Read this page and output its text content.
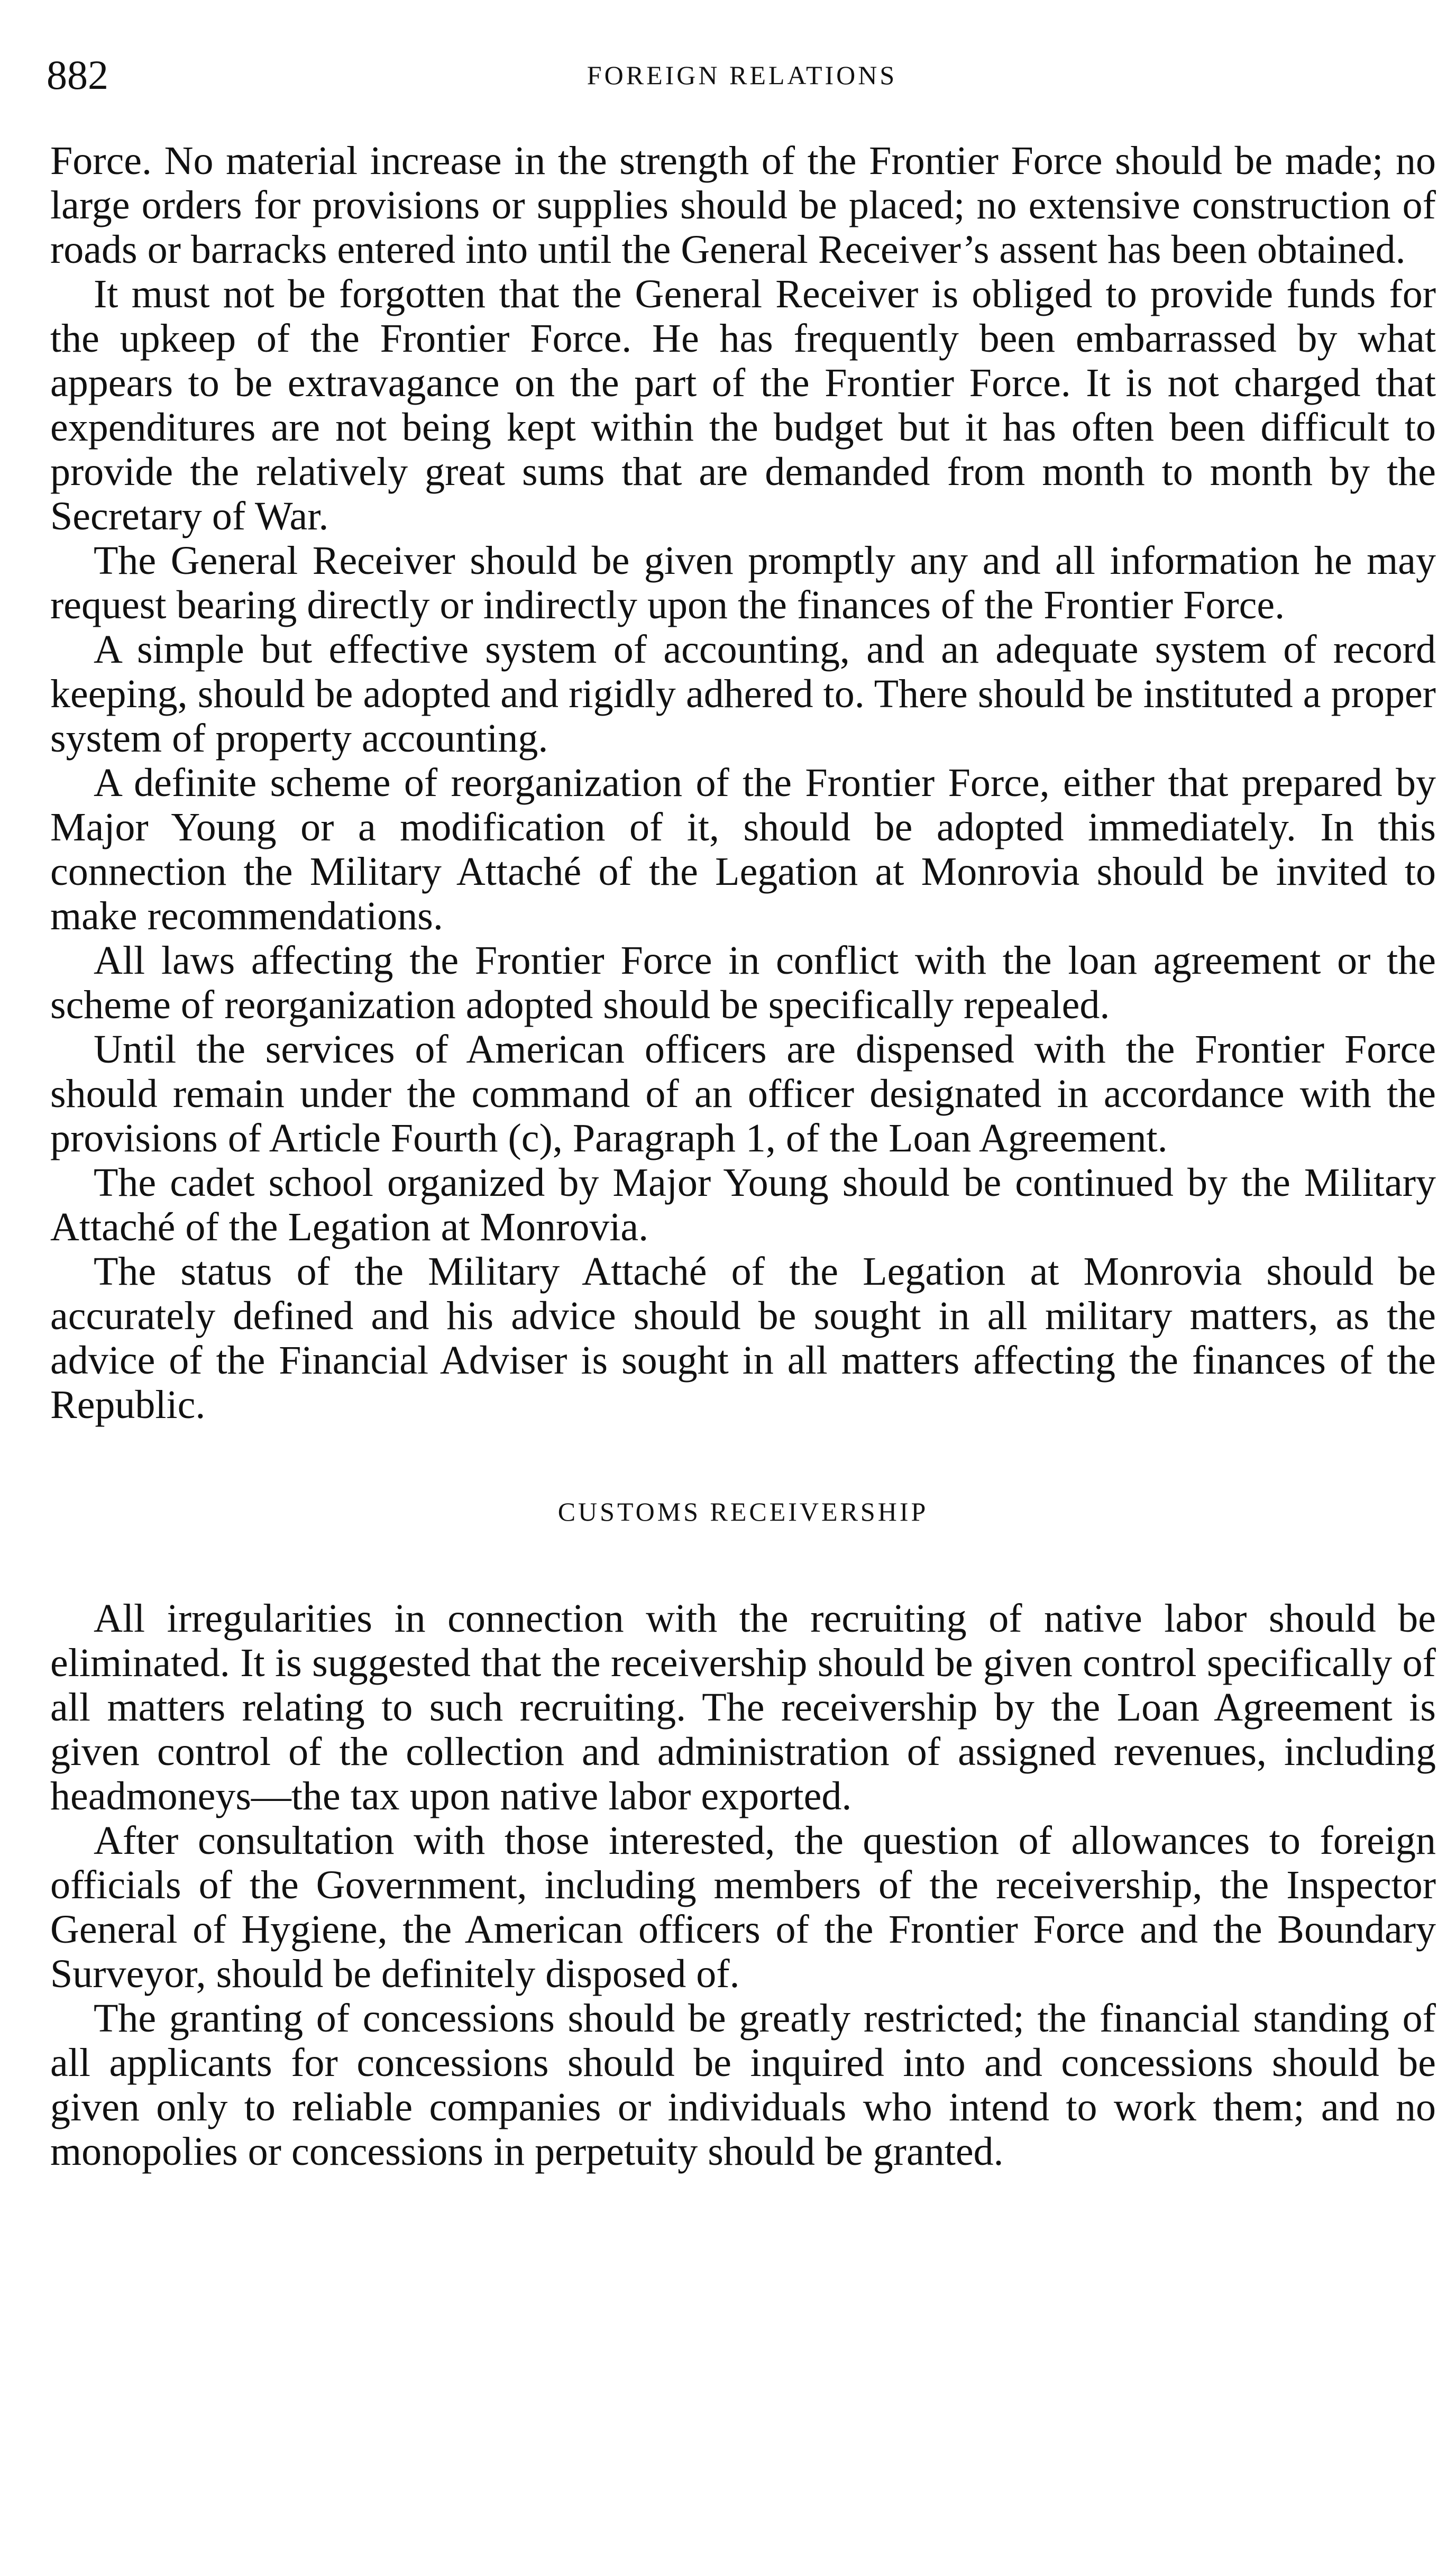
882	FOREIGN RELATIONS

Force. No material increase in the strength of the Frontier Force should be made; no large orders for provisions or supplies should be placed; no extensive construction of roads or barracks entered into until the General Receiver’s assent has been obtained.

It must not be forgotten that the General Receiver is obliged to provide funds for the upkeep of the Frontier Force. He has frequently been embarrassed by what appears to be extravagance on the part of the Frontier Force. It is not charged that expenditures are not being kept within the budget but it has often been difficult to provide the relatively great sums that are demanded from month to month by the Secretary of War.

The General Receiver should be given promptly any and all information he may request bearing directly or indirectly upon the finances of the Frontier Force.

A simple but effective system of accounting, and an adequate system of record keeping, should be adopted and rigidly adhered to. There should be instituted a proper system of property accounting.

A definite scheme of reorganization of the Frontier Force, either that prepared by Major Young or a modification of it, should be adopted immediately. In this connection the Military Attaché of the Legation at Monrovia should be invited to make recommendations.

All laws affecting the Frontier Force in conflict with the loan agreement or the scheme of reorganization adopted should be specifically repealed.

Until the services of American officers are dispensed with the Frontier Force should remain under the command of an officer designated in accordance with the provisions of Article Fourth (c), Paragraph 1, of the Loan Agreement.

The cadet school organized by Major Young should be continued by the Military Attaché of the Legation at Monrovia.

The status of the Military Attaché of the Legation at Monrovia should be accurately defined and his advice should be sought in all military matters, as the advice of the Financial Adviser is sought in all matters affecting the finances of the Republic.

CUSTOMS RECEIVERSHIP

All irregularities in connection with the recruiting of native labor should be eliminated. It is suggested that the receivership should be given control specifically of all matters relating to such recruiting. The receivership by the Loan Agreement is given control of the collection and administration of assigned revenues, including headmoneys—the tax upon native labor exported.

After consultation with those interested, the question of allowances to foreign officials of the Government, including members of the receivership, the Inspector General of Hygiene, the American officers of the Frontier Force and the Boundary Surveyor, should be definitely disposed of.

The granting of concessions should be greatly restricted; the financial standing of all applicants for concessions should be inquired into and concessions should be given only to reliable companies or individuals who intend to work them; and no monopolies or concessions in perpetuity should be granted.
